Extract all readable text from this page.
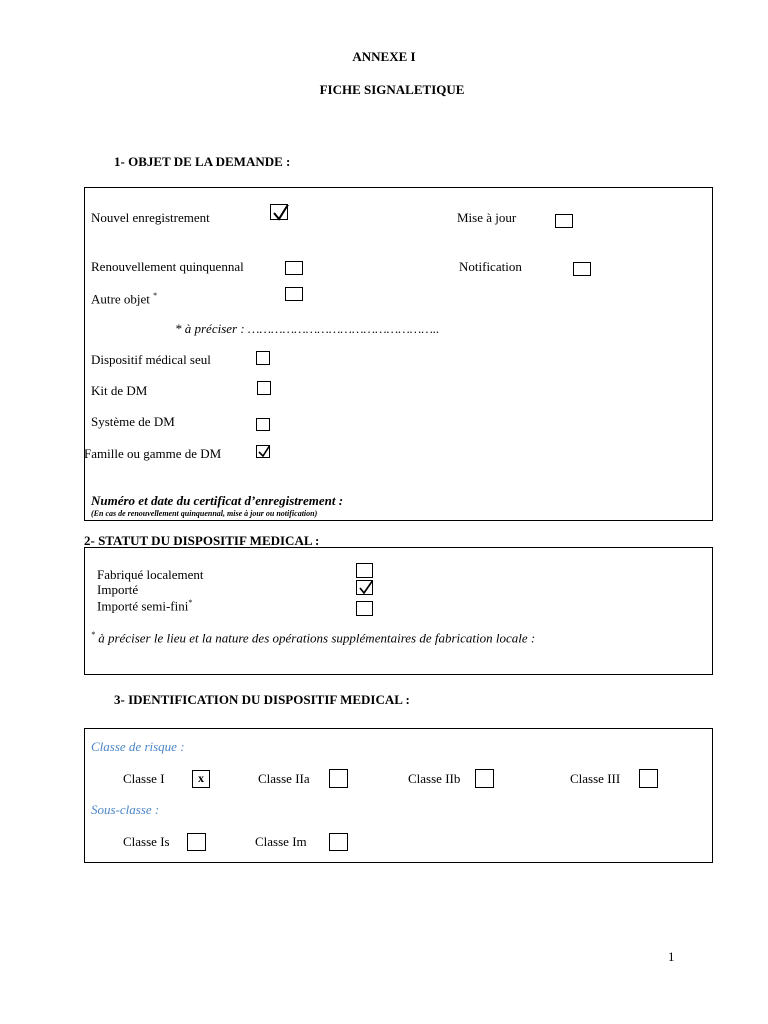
ANNEXE I
FICHE SIGNALETIQUE
1- OBJET DE LA DEMANDE :
Nouvel enregistrement	Mise à jour
Renouvellement quinquennal	Notification
Autre objet *
* à préciser : …………………………………………..
Dispositif médical seul
Kit de DM
Système de DM
Famille ou gamme de DM
Numéro et date du certificat d’enregistrement :
(En cas de renouvellement quinquennal, mise à jour ou notification)
2- STATUT DU DISPOSITIF MEDICAL :
Fabriqué localement
Importé
Importé semi-fini*
* à préciser le lieu et la nature des opérations supplémentaires de fabrication locale :
3- IDENTIFICATION DU DISPOSITIF MEDICAL :
Classe de risque :
Classe I	x	Classe IIa	Classe IIb	Classe III
Sous-classe :
Classe Is	Classe Im
1
